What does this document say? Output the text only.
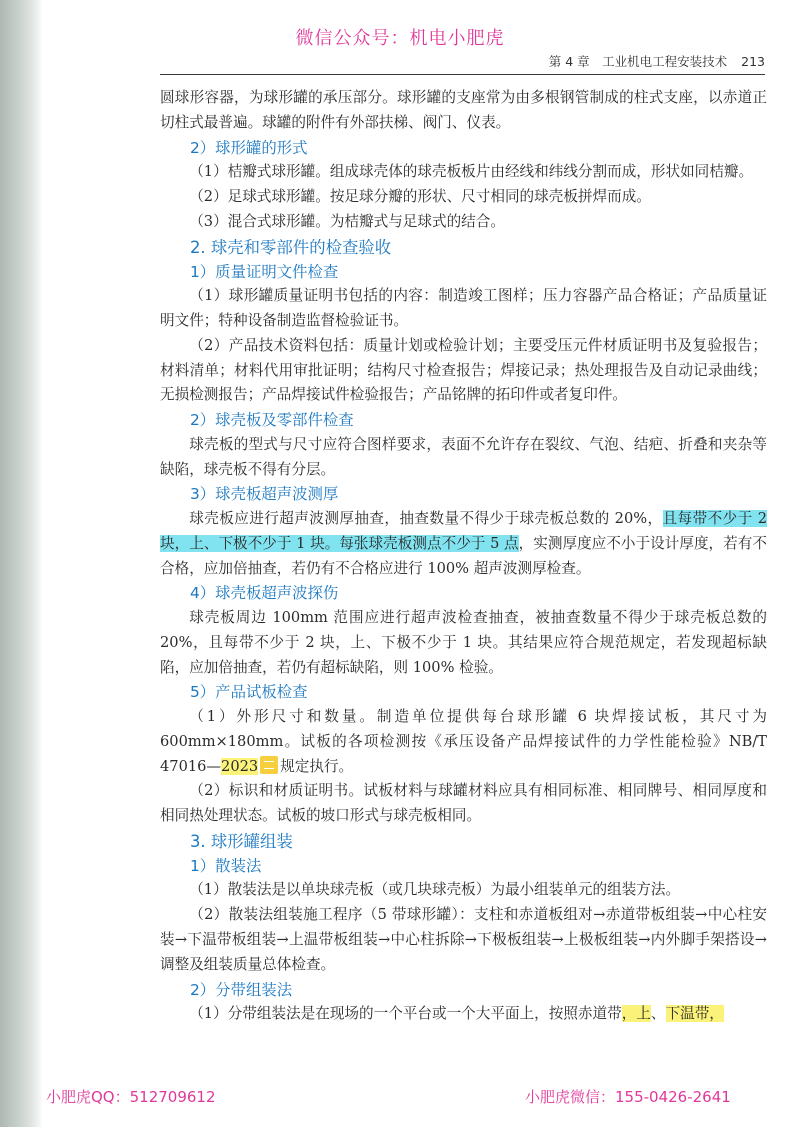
微信公众号：机电小肥虎
第 4 章　工业机电工程安装技术 213

圆球形容器，为球形罐的承压部分。球形罐的支座常为由多根钢管制成的柱式支座，以赤道正切柱式最普遍。球罐的附件有外部扶梯、阀门、仪表。

2）球形罐的形式

（1）桔瓣式球形罐。组成球壳体的球壳板板片由经线和纬线分割而成，形状如同桔瓣。

（2）足球式球形罐。按足球分瓣的形状、尺寸相同的球壳板拼焊而成。

（3）混合式球形罐。为桔瓣式与足球式的结合。

2. 球壳和零部件的检查验收
1）质量证明文件检查

（1）球形罐质量证明书包括的内容：制造竣工图样；压力容器产品合格证；产品质量证明文件；特种设备制造监督检验证书。

（2）产品技术资料包括：质量计划或检验计划；主要受压元件材质证明书及复验报告；材料清单；材料代用审批证明；结构尺寸检查报告；焊接记录；热处理报告及自动记录曲线；无损检测报告；产品焊接试件检验报告；产品铭牌的拓印件或者复印件。

2）球壳板及零部件检查

球壳板的型式与尺寸应符合图样要求，表面不允许存在裂纹、气泡、结疤、折叠和夹杂等缺陷，球壳板不得有分层。

3）球壳板超声波测厚

球壳板应进行超声波测厚抽查，抽查数量不得少于球壳板总数的 20%，且每带不少于 2 块，上、下极不少于 1 块。每张球壳板测点不少于 5 点，实测厚度应不小于设计厚度，若有不合格，应加倍抽查，若仍有不合格应进行 100% 超声波测厚检查。

4）球壳板超声波探伤

球壳板周边 100mm 范围应进行超声波检查抽查，被抽查数量不得少于球壳板总数的 20%，且每带不少于 2 块，上、下极不少于 1 块。其结果应符合规范规定，若发现超标缺陷，应加倍抽查，若仍有超标缺陷，则 100% 检验。

5）产品试板检查

（1）外形尺寸和数量。制造单位提供每台球形罐 6 块焊接试板，其尺寸为 600mm×180mm。试板的各项检测按《承压设备产品焊接试件的力学性能检验》NB/T 47016—2023 规定执行。

（2）标识和材质证明书。试板材料与球罐材料应具有相同标准、相同牌号、相同厚度和相同热处理状态。试板的坡口形式与球壳板相同。

3. 球形罐组装
1）散装法

（1）散装法是以单块球壳板（或几块球壳板）为最小组装单元的组装方法。

（2）散装法组装施工程序（5 带球形罐）：支柱和赤道板组对→赤道带板组装→中心柱安装→下温带板组装→上温带板组装→中心柱拆除→下极板组装→上极板组装→内外脚手架搭设→调整及组装质量总体检查。

2）分带组装法

（1）分带组装法是在现场的一个平台或一个大平面上，按照赤道带，上、下温带，

小肥虎QQ：512709612	小肥虎微信：155-0426-2641
